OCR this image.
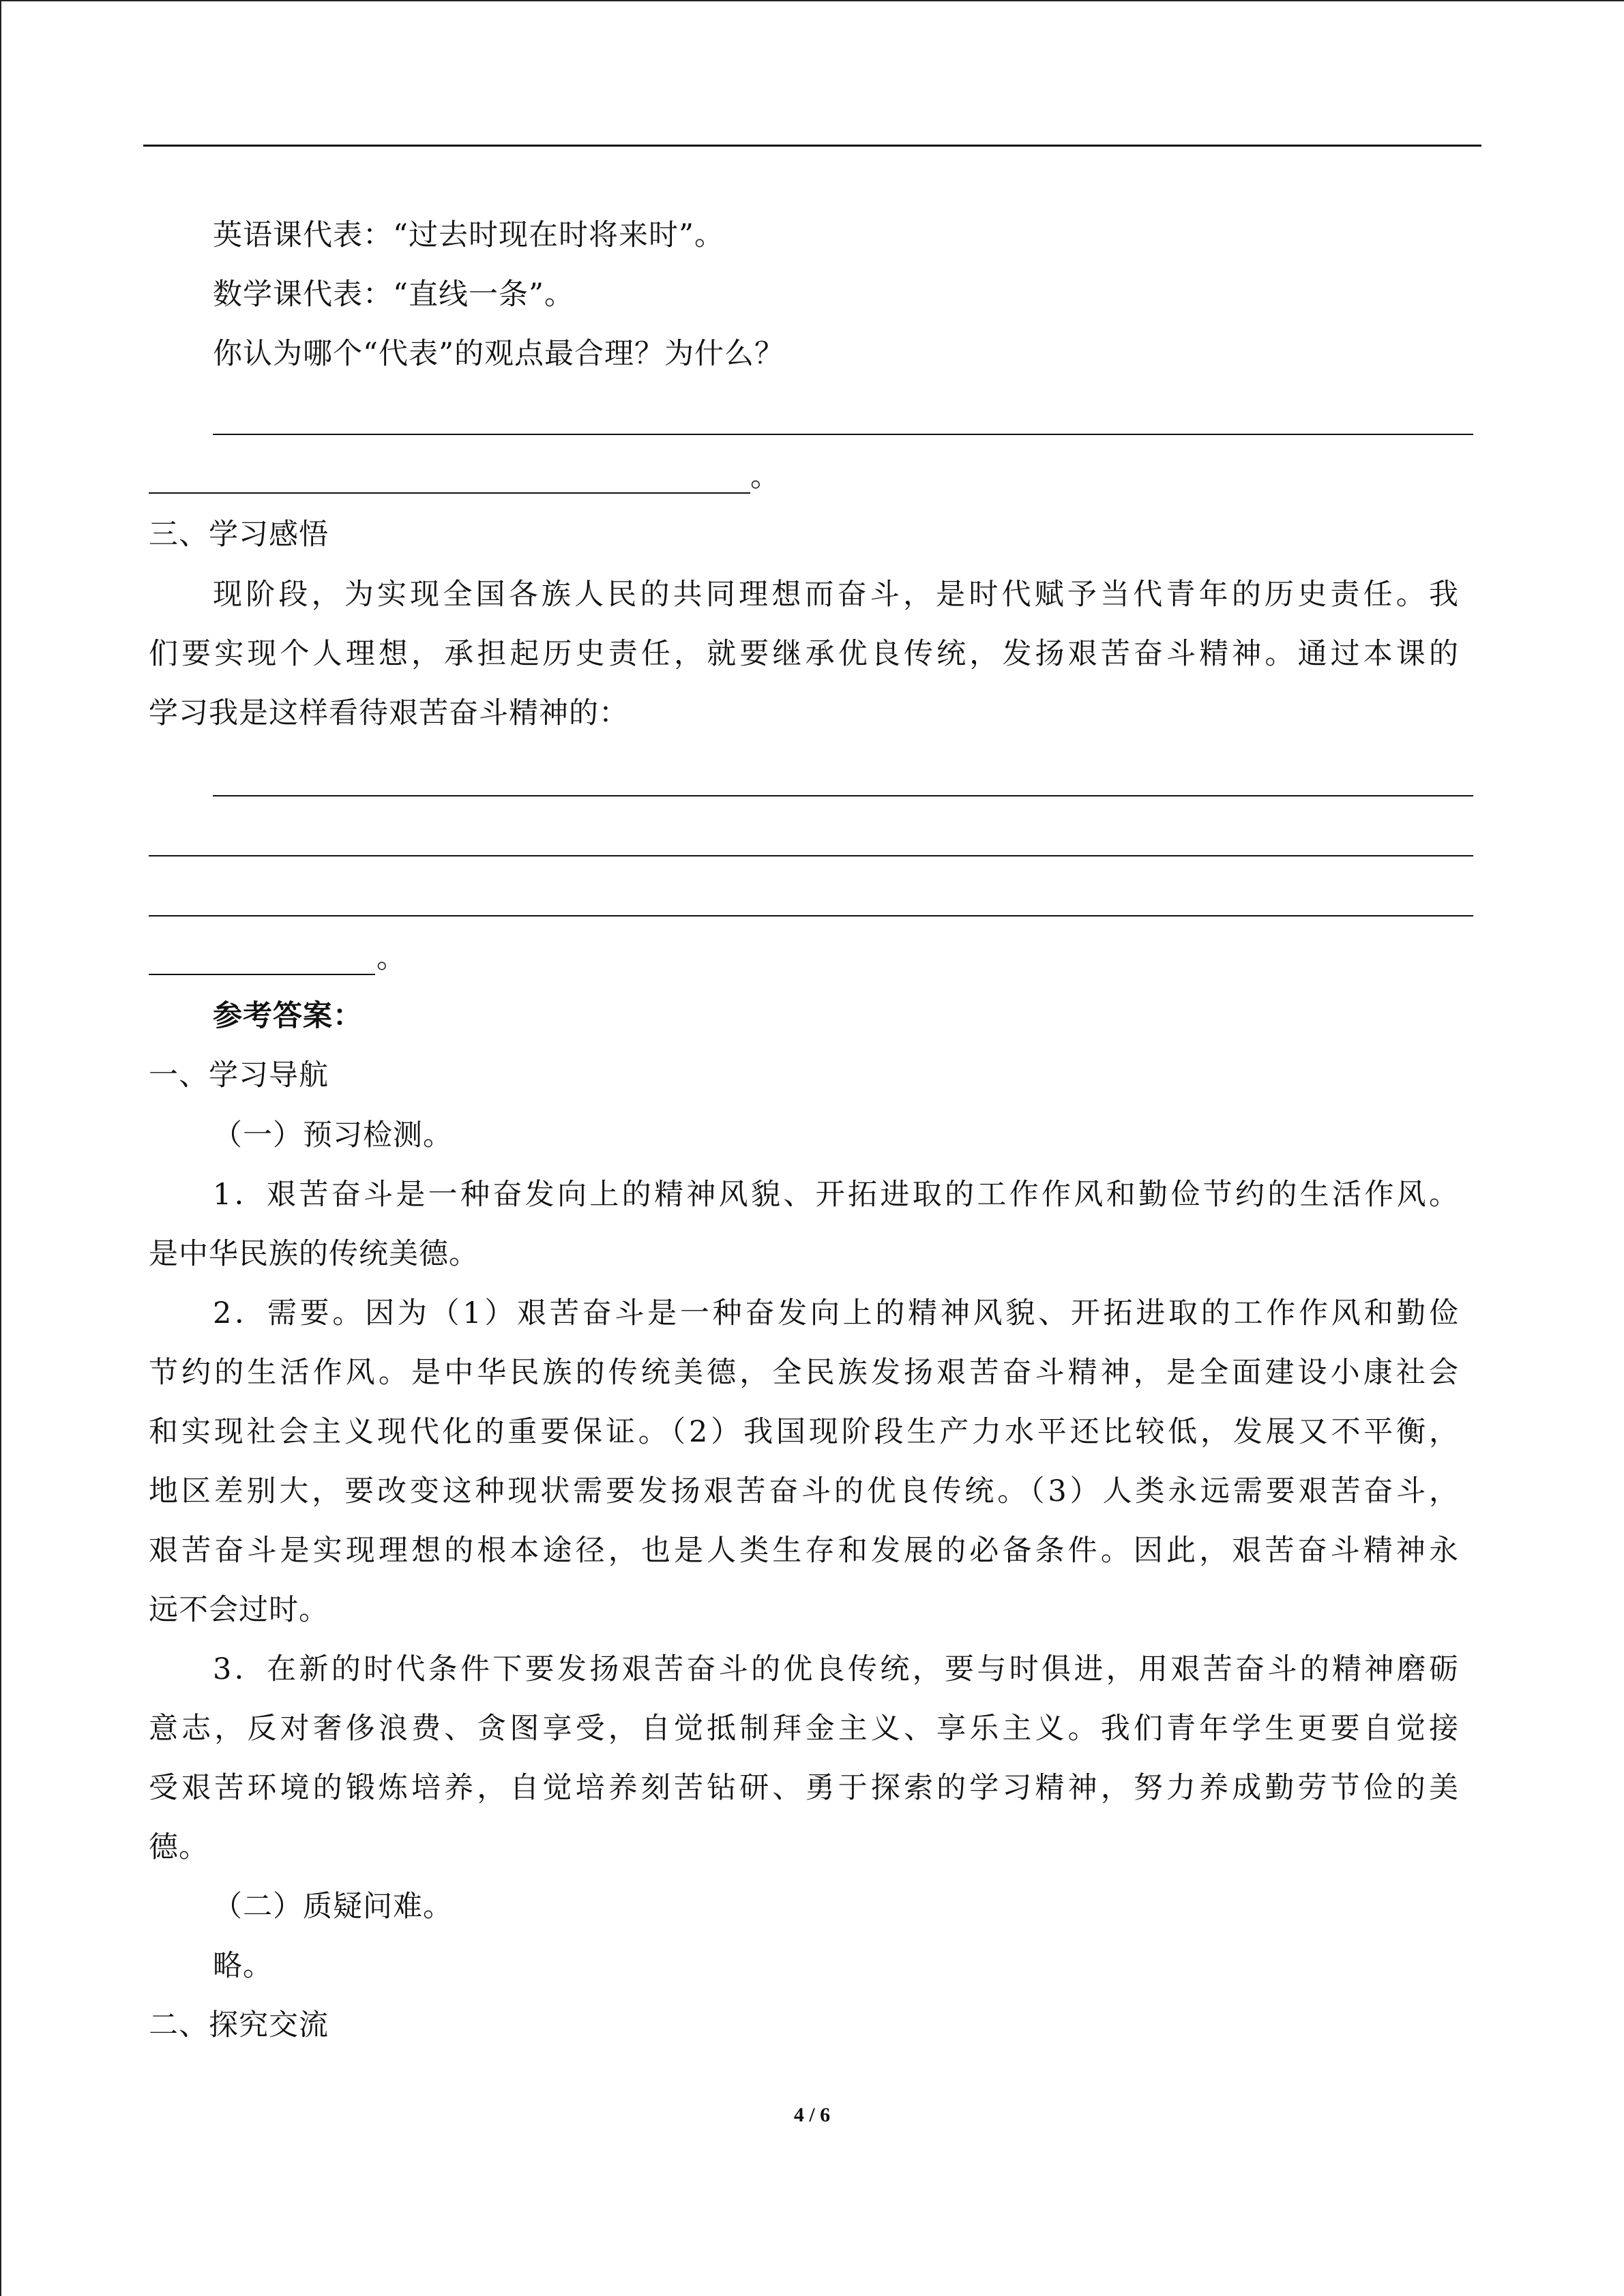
英语课代表：“过去时现在时将来时”。
数学课代表：“直线一条”。
你认为哪个“代表”的观点最合理？为什么？
。
三、学习感悟
现阶段，为实现全国各族人民的共同理想而奋斗，是时代赋予当代青年的历史责任。我
们要实现个人理想，承担起历史责任，就要继承优良传统，发扬艰苦奋斗精神。通过本课的
学习我是这样看待艰苦奋斗精神的：
。
参考答案：
一、学习导航
（一）预习检测。
1．艰苦奋斗是一种奋发向上的精神风貌、开拓进取的工作作风和勤俭节约的生活作风。
是中华民族的传统美德。
2．需要。因为（1）艰苦奋斗是一种奋发向上的精神风貌、开拓进取的工作作风和勤俭
节约的生活作风。是中华民族的传统美德，全民族发扬艰苦奋斗精神，是全面建设小康社会
和实现社会主义现代化的重要保证。（2）我国现阶段生产力水平还比较低，发展又不平衡，
地区差别大，要改变这种现状需要发扬艰苦奋斗的优良传统。（3）人类永远需要艰苦奋斗，
艰苦奋斗是实现理想的根本途径，也是人类生存和发展的必备条件。因此，艰苦奋斗精神永
远不会过时。
3．在新的时代条件下要发扬艰苦奋斗的优良传统，要与时俱进，用艰苦奋斗的精神磨砺
意志，反对奢侈浪费、贪图享受，自觉抵制拜金主义、享乐主义。我们青年学生更要自觉接
受艰苦环境的锻炼培养，自觉培养刻苦钻研、勇于探索的学习精神，努力养成勤劳节俭的美
德。
（二）质疑问难。
略。
二、探究交流
4 / 6
